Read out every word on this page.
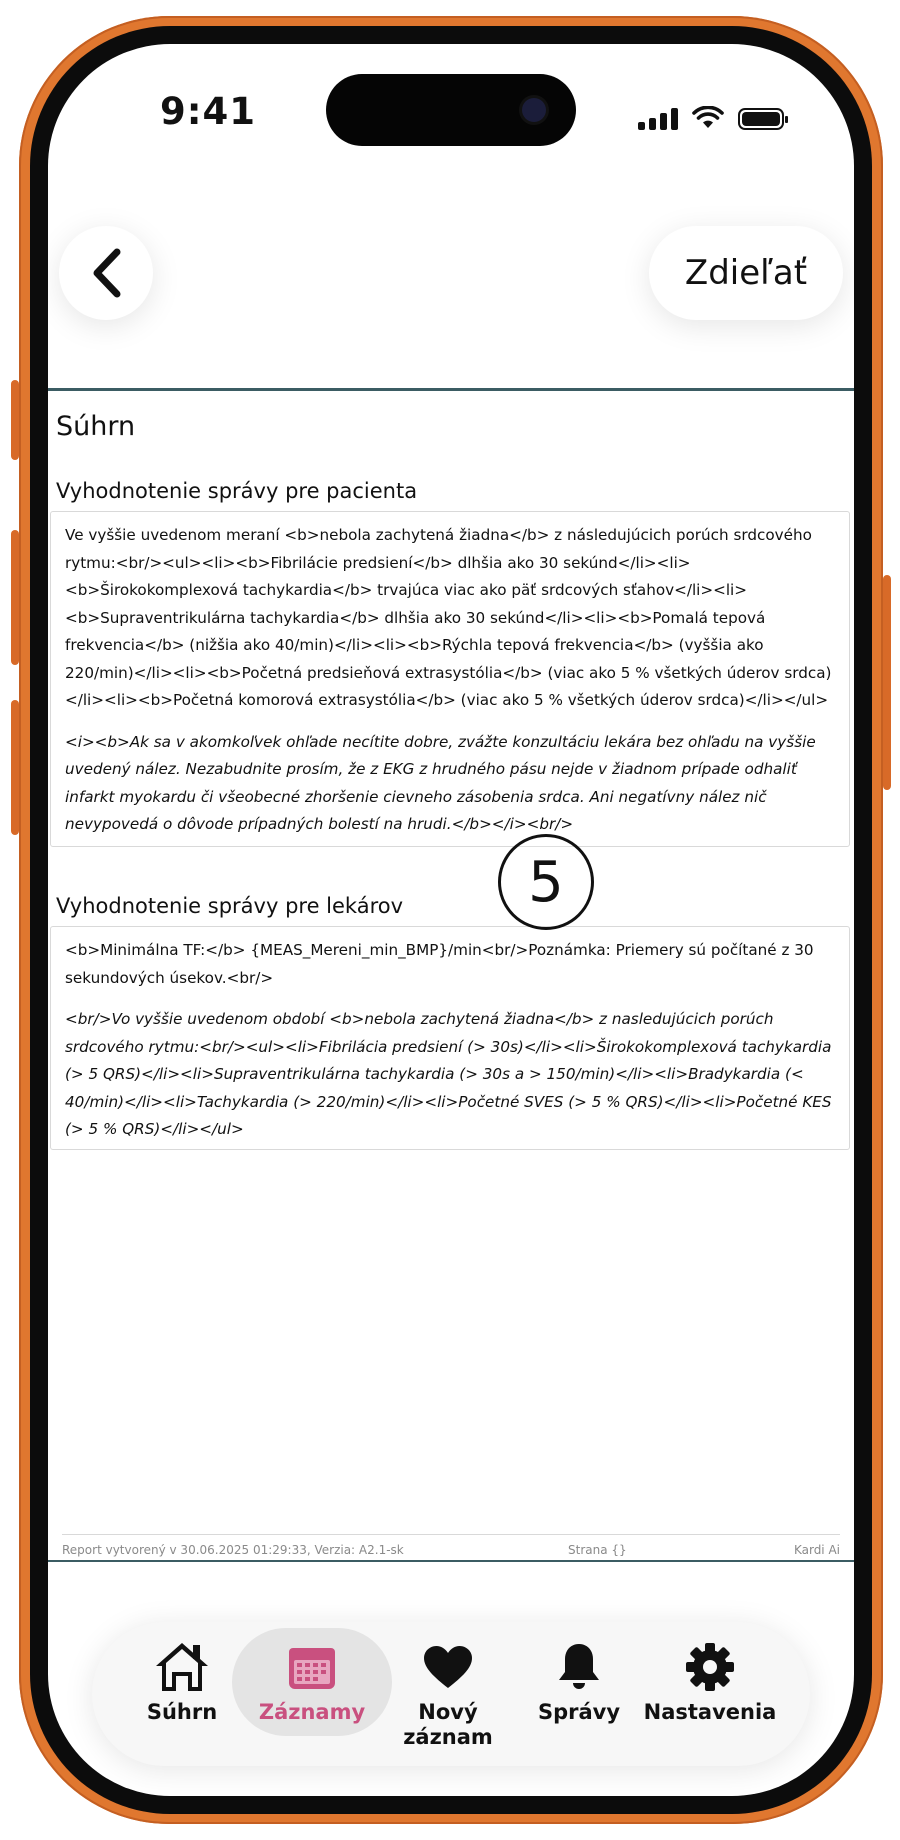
9:41
Zdieľať
Súhrn
Vyhodnotenie správy pre pacienta

Ve vyššie uvedenom meraní <b>nebola zachytená žiadna</b> z následujúcich porúch srdcového rytmu:<br/><ul><li><b>Fibrilácie predsiení</b> dlhšia ako 30 sekúnd</li><li><b>Širokokomplexová tachykardia</b> trvajúca viac ako päť srdcových sťahov</li><li><b>Supraventrikulárna tachykardia</b> dlhšia ako 30 sekúnd</li><li><b>Pomalá tepová frekvencia</b> (nižšia ako 40/min)</li><li><b>Rýchla tepová frekvencia</b> (vyššia ako 220/min)</li><li><b>Početná predsieňová extrasystólia</b> (viac ako 5 % všetkých úderov srdca)</li><li><b>Početná komorová extrasystólia</b> (viac ako 5 % všetkých úderov srdca)</li></ul>

<i><b>Ak sa v akomkoľvek ohľade necítite dobre, zvážte konzultáciu lekára bez ohľadu na vyššie uvedený nález. Nezabudnite prosím, že z EKG z hrudného pásu nejde v žiadnom prípade odhaliť infarkt myokardu či všeobecné zhoršenie cievneho zásobenia srdca. Ani negatívny nález nič nevypovedá o dôvode prípadných bolestí na hrudi.</b></i><br/>

Vyhodnotenie správy pre lekárov

<b>Minimálna TF:</b> {MEAS_Mereni_min_BMP}/min<br/>Poznámka: Priemery sú počítané z 30 sekundových úsekov.<br/>

<br/>Vo vyššie uvedenom období <b>nebola zachytená žiadna</b> z nasledujúcich porúch srdcového rytmu:<br/><ul><li>Fibrilácia predsiení (> 30s)</li><li>Širokokomplexová tachykardia (> 5 QRS)</li><li>Supraventrikulárna tachykardia (> 30s a > 150/min)</li><li>Bradykardia (< 40/min)</li><li>Tachykardia (> 220/min)</li><li>Početné SVES (> 5 % QRS)</li><li>Početné KES (> 5 % QRS)</li></ul>

Report vytvorený v 30.06.2025 01:29:33, Verzia: A2.1-sk	Strana {}	Kardi Ai
5
Súhrn Záznamy	Nový záznam
Správy Nastavenia
